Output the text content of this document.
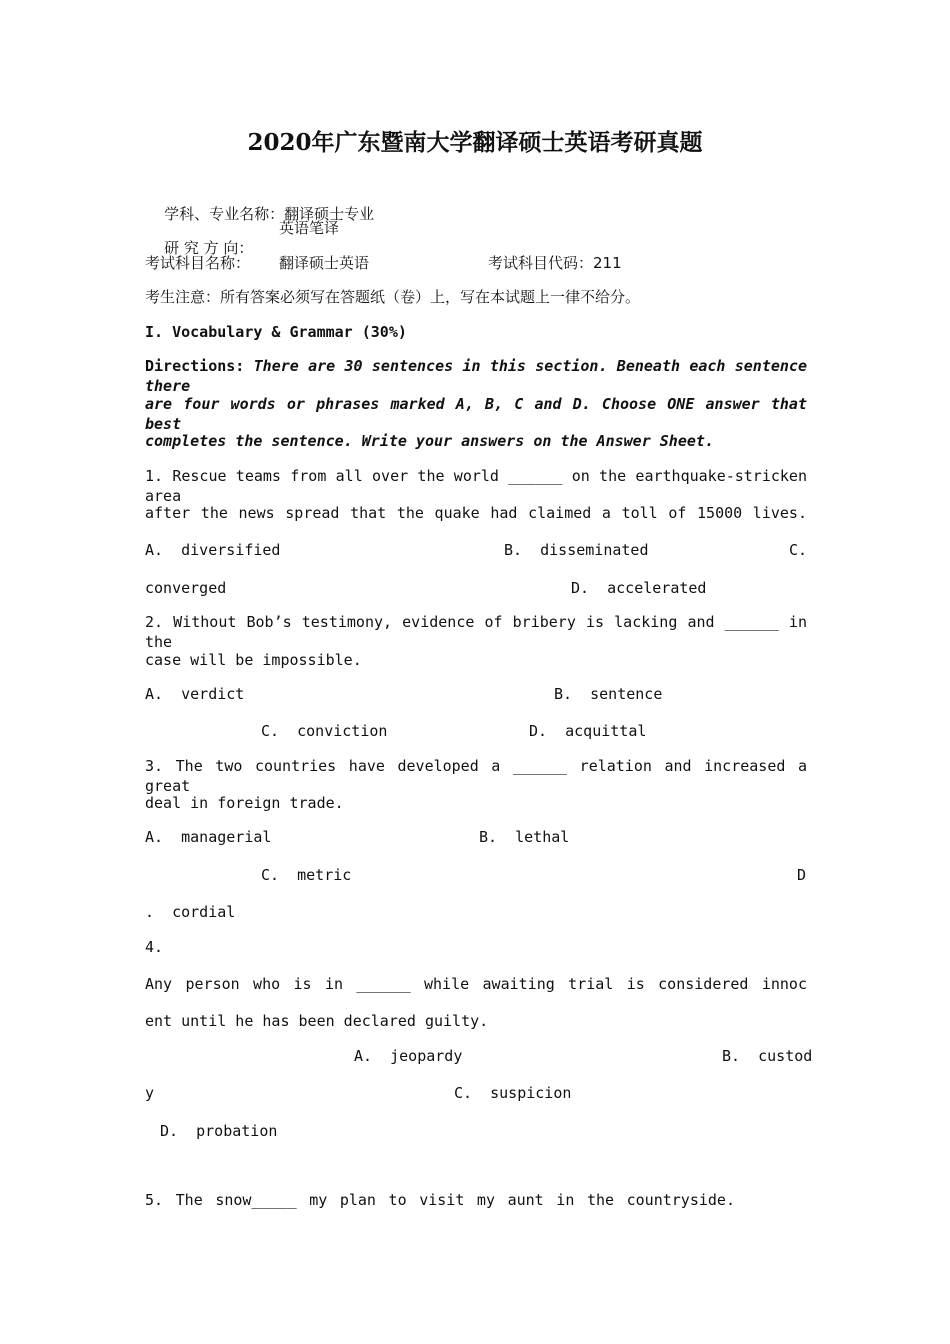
2020年广东暨南大学翻译硕士英语考研真题

学科、专业名称：翻译硕士专业

研 究 方 向：

英语笔译
考试科目名称： 翻译硕士英语	考试科目代码：211
考生注意：所有答案必须写在答题纸（卷）上，写在本试题上一律不给分。
I. Vocabulary & Grammar (30%)
Directions: There are 30 sentences in this section. Beneath each sentence there
are four words or phrases marked A, B, C and D. Choose ONE answer that best
completes the sentence. Write your answers on the Answer Sheet.
1. Rescue teams from all over the world ______ on the earthquake-stricken area
after the news spread that the quake had claimed a toll of 15000 lives.
A.  diversified	B.  disseminated	C.
converged	D.  accelerated
2. Without Bob’s testimony, evidence of bribery is lacking and ______ in the
case will be impossible.
A.  verdict	B.  sentence
C.  conviction	D.  acquittal
3. The two countries have developed a ______ relation and increased a great
deal in foreign trade.
A.  managerial	B.  lethal
C.  metric	D
.  cordial
4.
Any person who is in ______ while awaiting trial is considered innoc
ent until he has been declared guilty.
A.  jeopardy	B.  custod
y	C.  suspicion
D.  probation
5. The snow_____ my plan to visit my aunt in the countryside.
